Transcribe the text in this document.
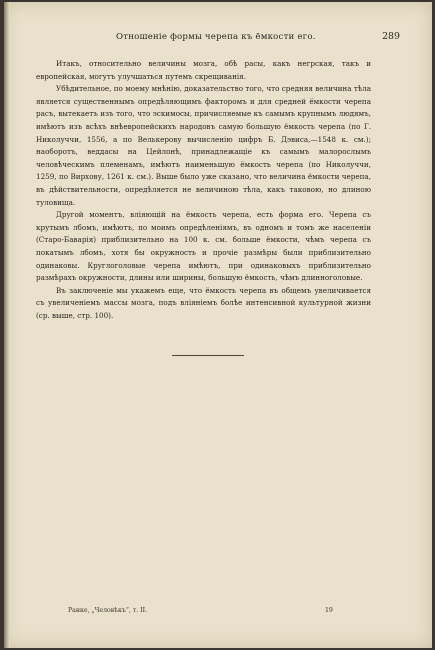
Отношеніе формы черепа къ ёмкости его.	289

Итакъ, относительно величины мозга, обѣ расы, какъ негрская, такъ и европейская, могутъ улучшаться путемъ скрещиванія.

Убѣдительное, по моему мнѣнію, доказательство того, что средняя величина тѣла является существеннымъ опредѣляющимъ факторомъ и для средней ёмкости черепа расъ, вытекаетъ изъ того, что эскимосы, причисляемые къ самымъ крупнымъ людямъ, имѣютъ изъ всѣхъ внѣевропейскихъ народовъ самую большую ёмкость черепа (по Г. Николуччи, 1556, а по Велькерову вычисленію цифръ Б. Дэвиса,—1548 к. см.); наоборотъ, веддасы на Цейлонѣ, принадлежащіе къ самымъ малорослымъ человѣческимъ племенамъ, имѣютъ наименьшую ёмкость черепа (по Николуччи, 1259, по Вирхову, 1261 к. см.). Выше было уже сказано, что величина ёмкости черепа, въ дѣйствительности, опредѣляется не величиною тѣла, какъ таковою, но длиною туловища.

Другой моментъ, вліяющій на ёмкость черепа, есть форма его. Черепа съ крутымъ лбомъ, имѣютъ, по моимъ опредѣленіямъ, въ одномъ и томъ же населеніи (Старо-Баварія) приблизительно на 100 к. см. больше ёмкости, чѣмъ черепа съ покатымъ лбомъ, хотя бы окружность и прочіе размѣры были приблизительно одинаковы. Круглоголовые черепа имѣютъ, при одинаковыхъ приблизительно размѣрахъ окружности, длины или ширины, большую ёмкость, чѣмъ длинноголовые.

Въ заключеніе мы укажемъ еще, что ёмкость черепа въ общемъ увеличивается съ увеличеніемъ массы мозга, подъ вліяніемъ болѣе интенсивной культурной жизни (ср. выше, стр. 100).

Ранке, „Человѣкъ“, т. II.	19
